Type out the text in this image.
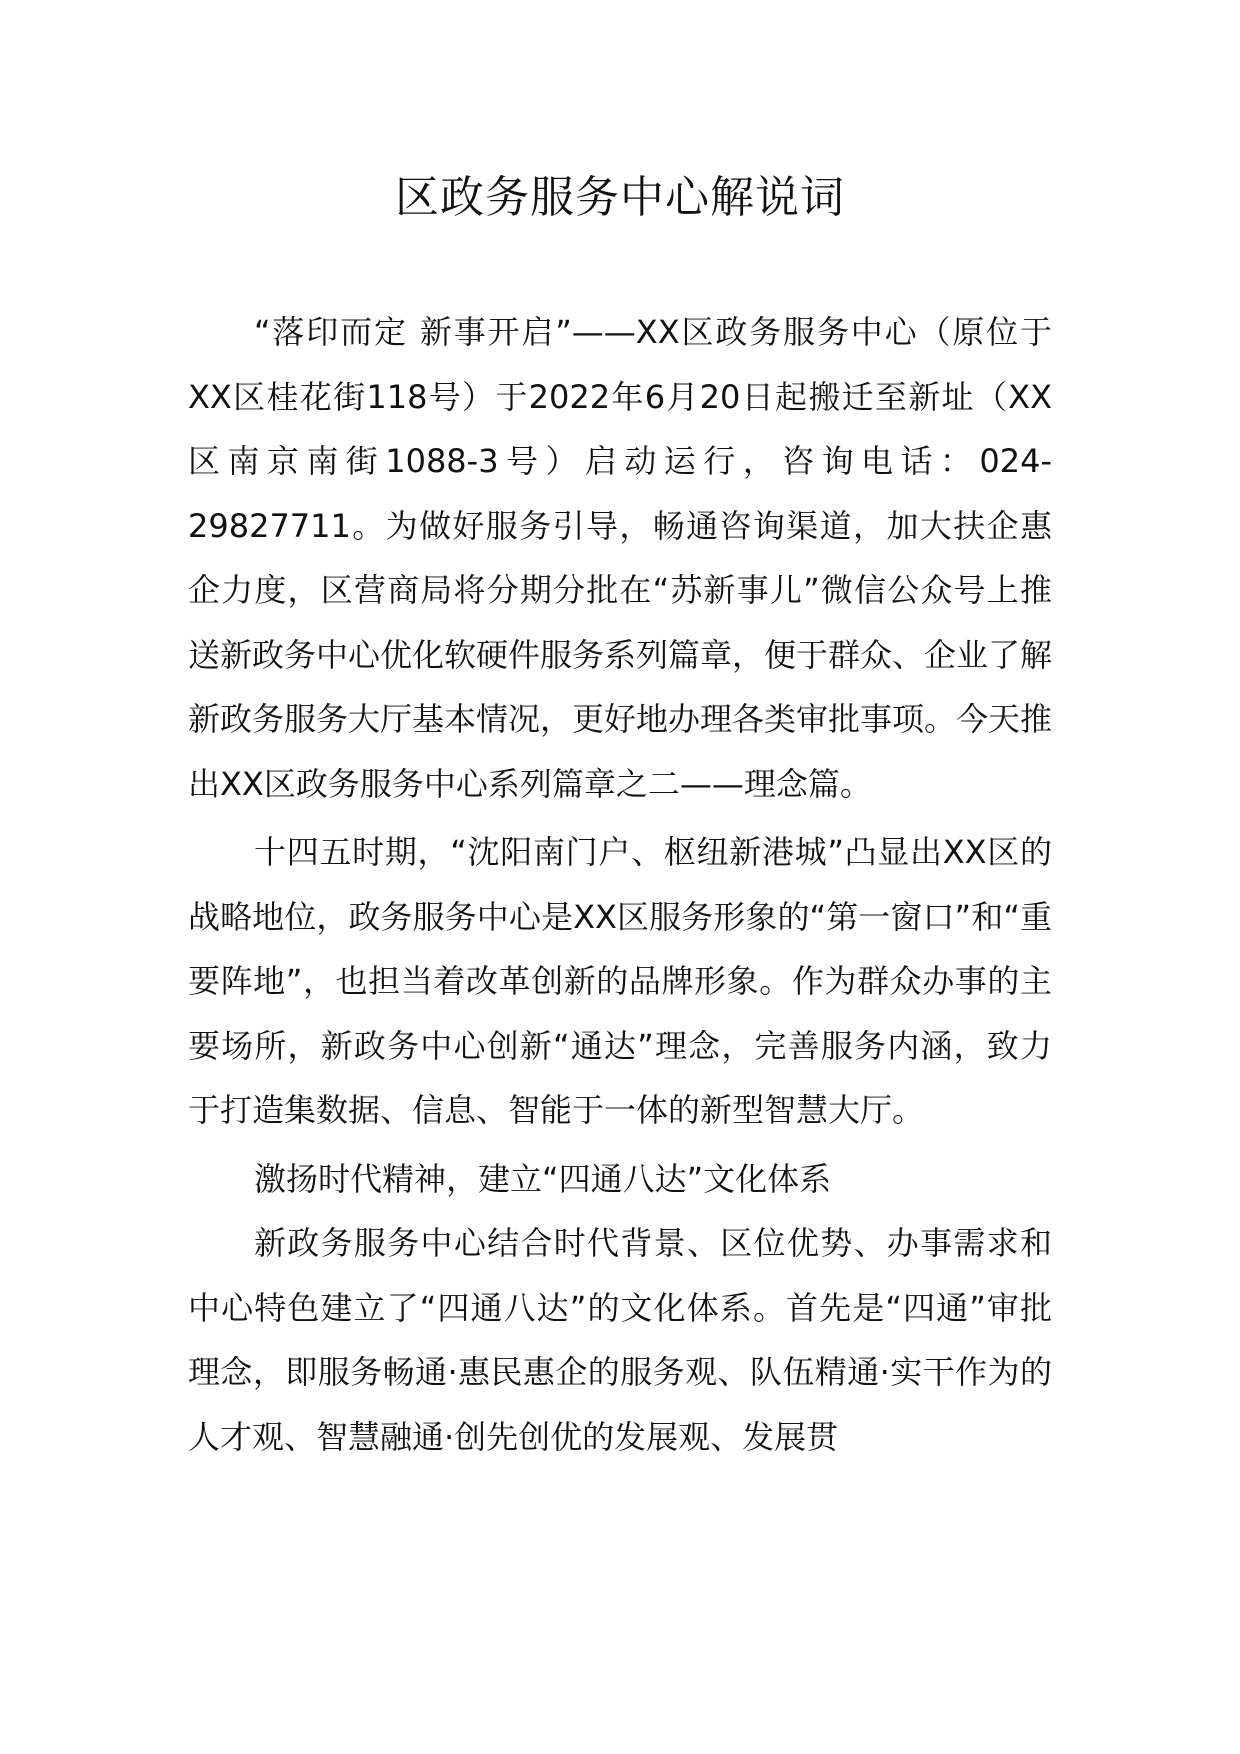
区政务服务中心解说词

“落印而定 新事开启”——XX区政务服务中心（原位于XX区桂花街118号）于2022年6月20日起搬迁至新址（XX区南京南街1088-3号）启动运行，咨询电话：024-29827711。为做好服务引导，畅通咨询渠道，加大扶企惠企力度，区营商局将分期分批在“苏新事儿”微信公众号上推送新政务中心优化软硬件服务系列篇章，便于群众、企业了解新政务服务大厅基本情况，更好地办理各类审批事项。今天推出XX区政务服务中心系列篇章之二——理念篇。

十四五时期，“沈阳南门户、枢纽新港城”凸显出XX区的战略地位，政务服务中心是XX区服务形象的“第一窗口”和“重要阵地”，也担当着改革创新的品牌形象。作为群众办事的主要场所，新政务中心创新“通达”理念，完善服务内涵，致力于打造集数据、信息、智能于一体的新型智慧大厅。

激扬时代精神，建立“四通八达”文化体系

新政务服务中心结合时代背景、区位优势、办事需求和中心特色建立了“四通八达”的文化体系。首先是“四通”审批理念，即服务畅通·惠民惠企的服务观、队伍精通·实干作为的人才观、智慧融通·创先创优的发展观、发展贯
